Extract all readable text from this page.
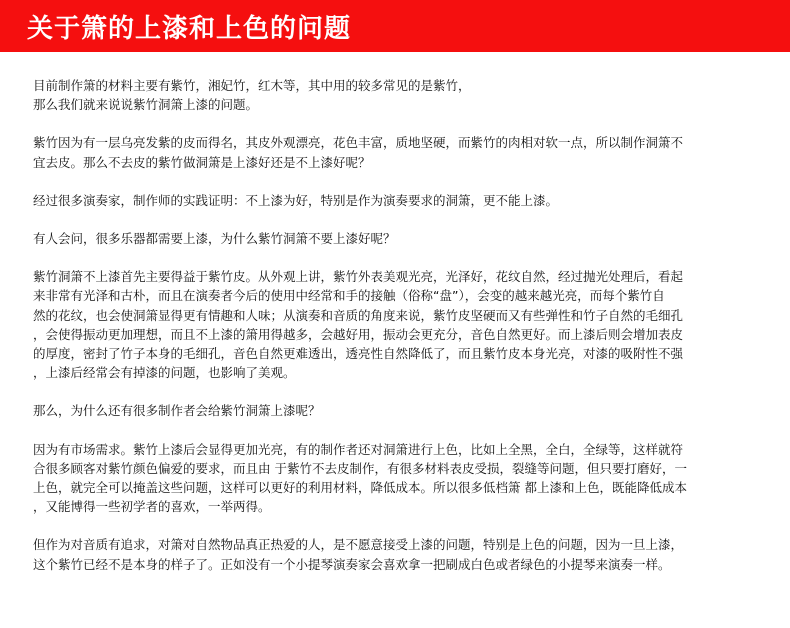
关于箫的上漆和上色的问题

目前制作箫的材料主要有紫竹，湘妃竹，红木等，其中用的较多常见的是紫竹，
那么我们就来说说紫竹洞箫上漆的问题。

紫竹因为有一层乌亮发紫的皮而得名，其皮外观漂亮，花色丰富，质地坚硬，而紫竹的肉相对软一点，所以制作洞箫不
宜去皮。那么不去皮的紫竹做洞箫是上漆好还是不上漆好呢？

经过很多演奏家，制作师的实践证明：不上漆为好，特别是作为演奏要求的洞箫，更不能上漆。

有人会问，很多乐器都需要上漆，为什么紫竹洞箫不要上漆好呢？

紫竹洞箫不上漆首先主要得益于紫竹皮。从外观上讲，紫竹外表美观光亮，光泽好，花纹自然，经过抛光处理后，看起
来非常有光泽和古朴，而且在演奏者今后的使用中经常和手的接触（俗称“盘”），会变的越来越光亮，而每个紫竹自
然的花纹，也会使洞箫显得更有情趣和人味；从演奏和音质的角度来说，紫竹皮坚硬而又有些弹性和竹子自然的毛细孔
，会使得振动更加理想，而且不上漆的箫用得越多，会越好用，振动会更充分，音色自然更好。而上漆后则会增加表皮
的厚度，密封了竹子本身的毛细孔，音色自然更难透出，透亮性自然降低了，而且紫竹皮本身光亮，对漆的吸附性不强
，上漆后经常会有掉漆的问题，也影响了美观。

那么，为什么还有很多制作者会给紫竹洞箫上漆呢？

因为有市场需求。紫竹上漆后会显得更加光亮，有的制作者还对洞箫进行上色，比如上全黑，全白，全绿等，这样就符
合很多顾客对紫竹颜色偏爱的要求，而且由 于紫竹不去皮制作，有很多材料表皮受损，裂缝等问题，但只要打磨好，一
上色，就完全可以掩盖这些问题，这样可以更好的利用材料，降低成本。所以很多低档箫 都上漆和上色，既能降低成本
，又能博得一些初学者的喜欢，一举两得。

但作为对音质有追求，对箫对自然物品真正热爱的人，是不愿意接受上漆的问题，特别是上色的问题，因为一旦上漆，
这个紫竹已经不是本身的样子了。正如没有一个小提琴演奏家会喜欢拿一把刷成白色或者绿色的小提琴来演奏一样。
